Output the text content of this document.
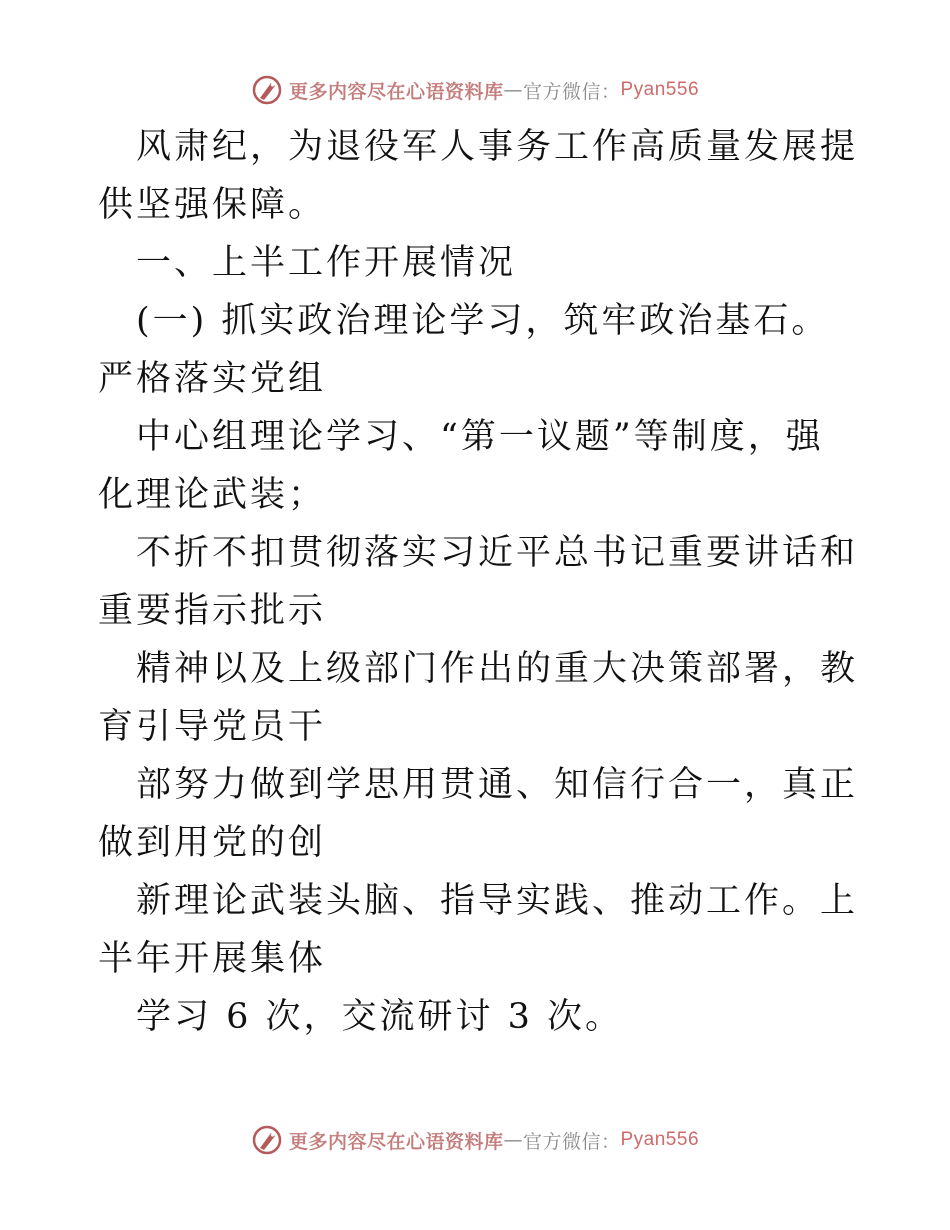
更多内容尽在心语资料库 — 官方微信： Pyan556

风肃纪，为退役军人事务工作高质量发展提供坚强保障。

一、上半工作开展情况

(一) 抓实政治理论学习，筑牢政治基石。严格落实党组

中心组理论学习、“第一议题”等制度，强化理论武装；

不折不扣贯彻落实习近平总书记重要讲话和重要指示批示

精神以及上级部门作出的重大决策部署，教育引导党员干

部努力做到学思用贯通、知信行合一，真正做到用党的创

新理论武装头脑、指导实践、推动工作。上半年开展集体

学习 6 次，交流研讨 3 次。

更多内容尽在心语资料库 — 官方微信： Pyan556
